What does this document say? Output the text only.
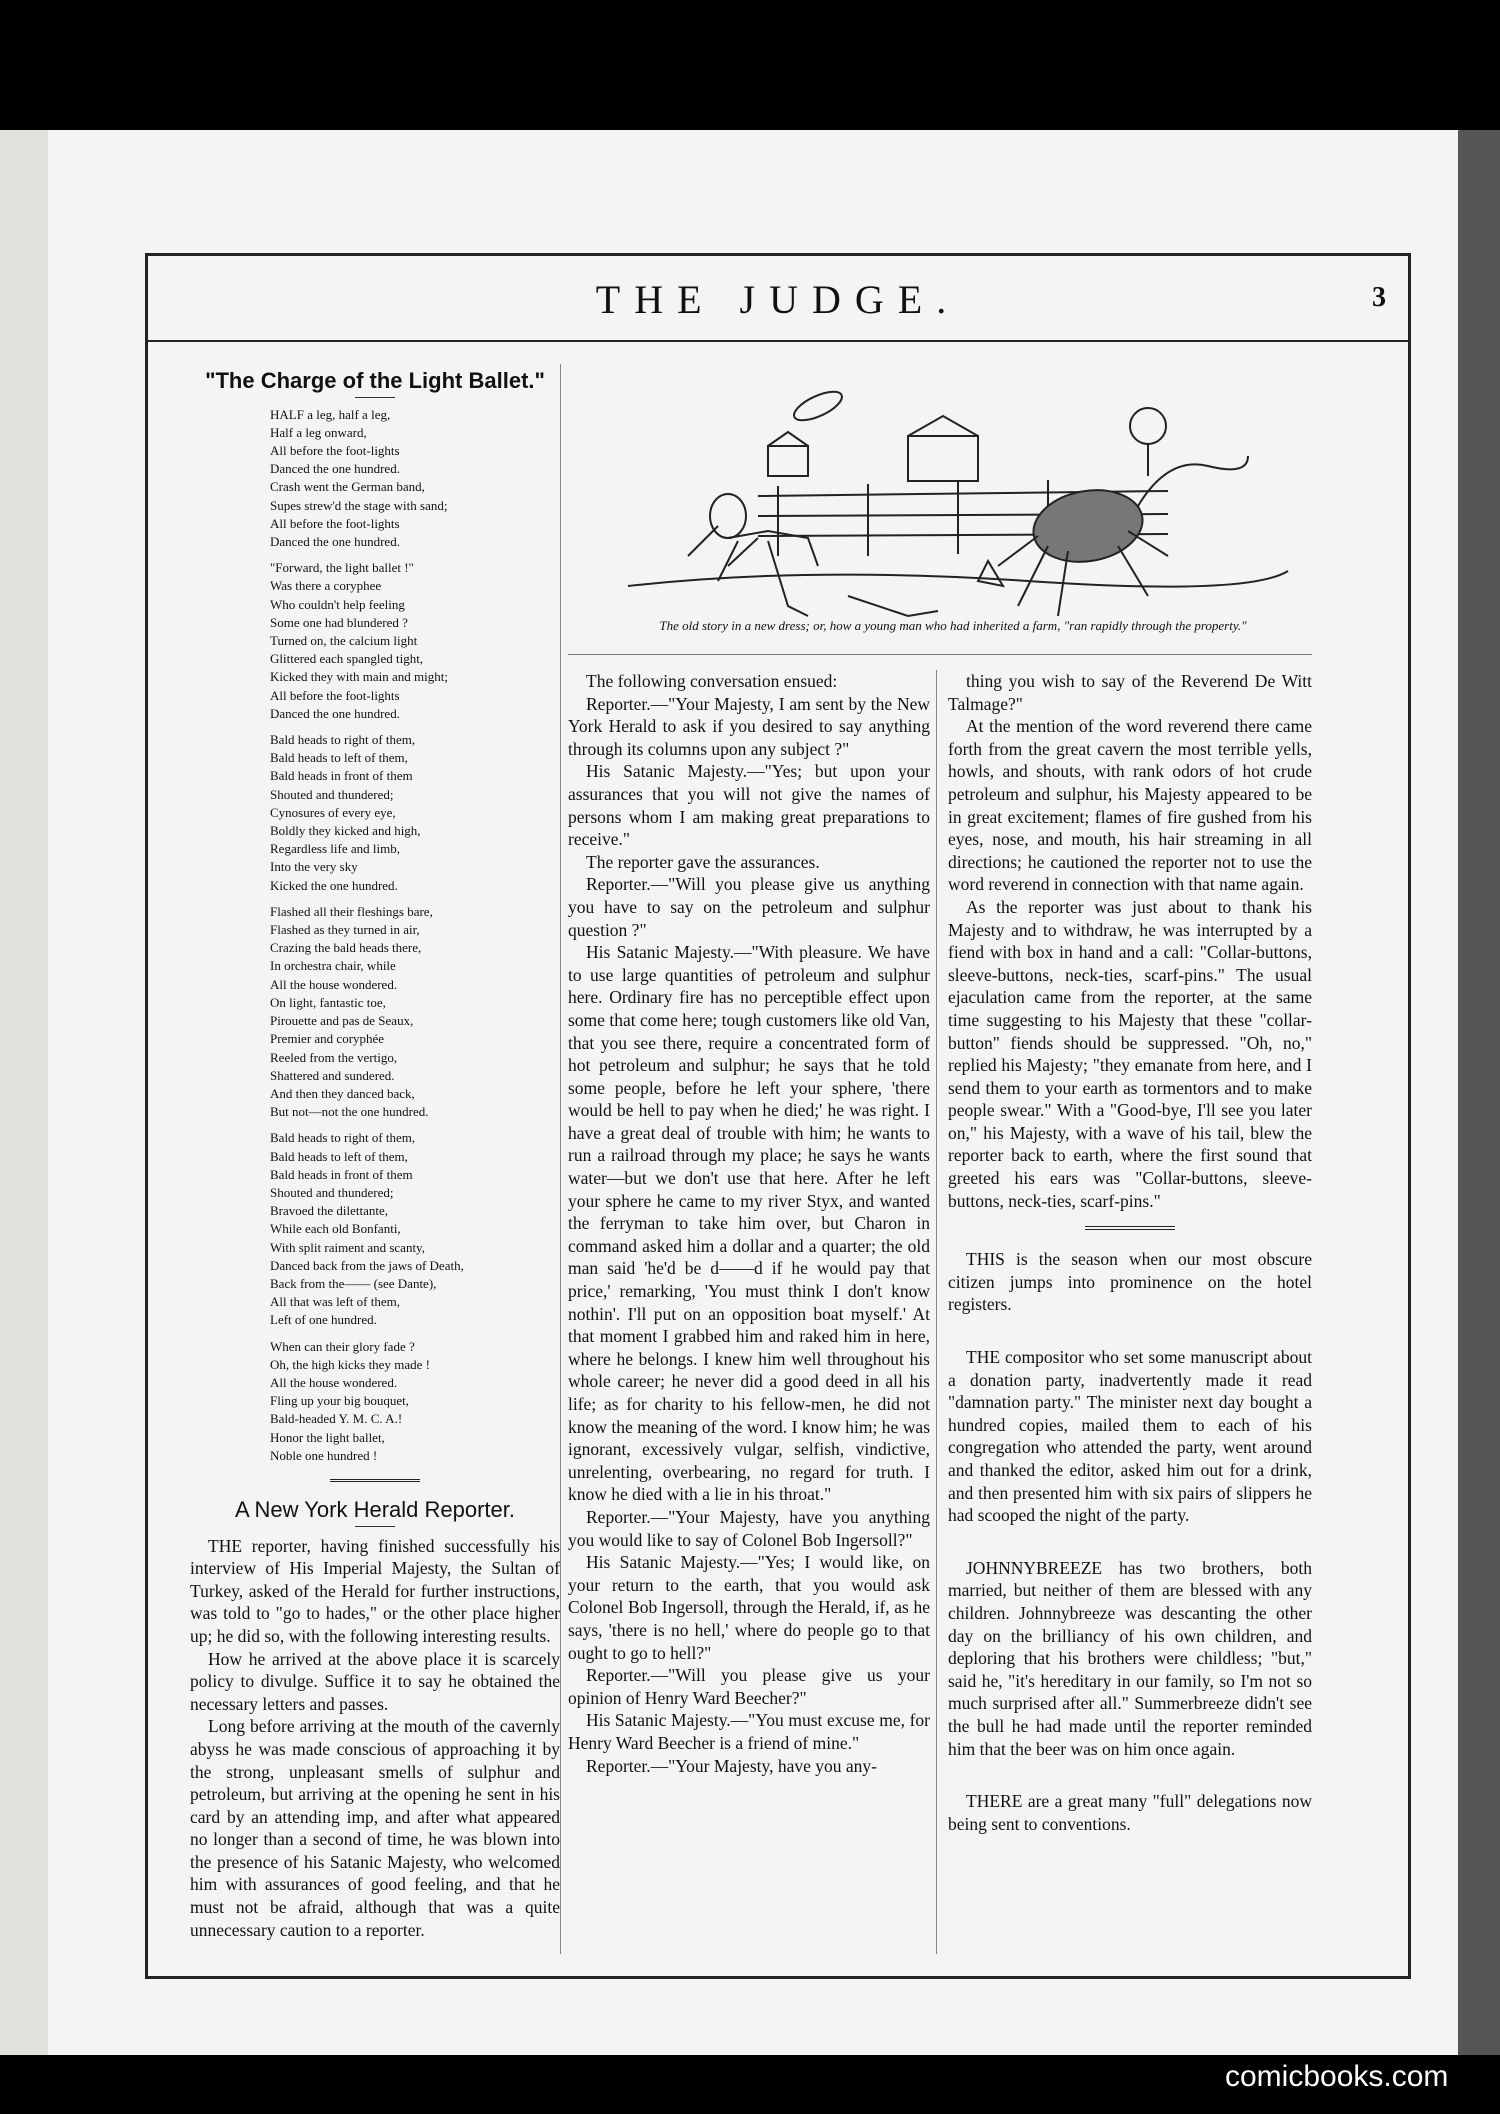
THE JUDGE.	3
"The Charge of the Light Ballet."
HALF a leg, half a leg,
Half a leg onward,
All before the foot-lights
Danced the one hundred.
Crash went the German band,
Supes strew'd the stage with sand;
All before the foot-lights
Danced the one hundred.
"Forward, the light ballet !"
Was there a coryphee
Who couldn't help feeling
Some one had blundered ?
Turned on, the calcium light
Glittered each spangled tight,
Kicked they with main and might;
All before the foot-lights
Danced the one hundred.
Bald heads to right of them,
Bald heads to left of them,
Bald heads in front of them
Shouted and thundered;
Cynosures of every eye,
Boldly they kicked and high,
Regardless life and limb,
Into the very sky
Kicked the one hundred.
Flashed all their fleshings bare,
Flashed as they turned in air,
Crazing the bald heads there,
In orchestra chair, while
All the house wondered.
On light, fantastic toe,
Pirouette and pas de Seaux,
Premier and coryphée
Reeled from the vertigo,
Shattered and sundered.
And then they danced back,
But not—not the one hundred.
Bald heads to right of them,
Bald heads to left of them,
Bald heads in front of them
Shouted and thundered;
Bravoed the dilettante,
While each old Bonfanti,
With split raiment and scanty,
Danced back from the jaws of Death,
Back from the—— (see Dante),
All that was left of them,
Left of one hundred.
When can their glory fade ?
Oh, the high kicks they made !
All the house wondered.
Fling up your big bouquet,
Bald-headed Y. M. C. A.!
Honor the light ballet,
Noble one hundred !
A New York Herald Reporter.

THE reporter, having finished successfully his interview of His Imperial Majesty, the Sultan of Turkey, asked of the Herald for further instructions, was told to "go to hades," or the other place higher up; he did so, with the following interesting results.

How he arrived at the above place it is scarcely policy to divulge. Suffice it to say he obtained the necessary letters and passes.

Long before arriving at the mouth of the cavernly abyss he was made conscious of approaching it by the strong, unpleasant smells of sulphur and petroleum, but arriving at the opening he sent in his card by an attending imp, and after what appeared no longer than a second of time, he was blown into the presence of his Satanic Majesty, who welcomed him with assurances of good feeling, and that he must not be afraid, although that was a quite unnecessary caution to a reporter.

The old story in a new dress; or, how a young man who had inherited a farm, "ran rapidly through the property."

The following conversation ensued:

Reporter.—"Your Majesty, I am sent by the New York Herald to ask if you desired to say anything through its columns upon any subject ?"

His Satanic Majesty.—"Yes; but upon your assurances that you will not give the names of persons whom I am making great preparations to receive."

The reporter gave the assurances.

Reporter.—"Will you please give us anything you have to say on the petroleum and sulphur question ?"

His Satanic Majesty.—"With pleasure. We have to use large quantities of petroleum and sulphur here. Ordinary fire has no perceptible effect upon some that come here; tough customers like old Van, that you see there, require a concentrated form of hot petroleum and sulphur; he says that he told some people, before he left your sphere, 'there would be hell to pay when he died;' he was right. I have a great deal of trouble with him; he wants to run a railroad through my place; he says he wants water—but we don't use that here. After he left your sphere he came to my river Styx, and wanted the ferryman to take him over, but Charon in command asked him a dollar and a quarter; the old man said 'he'd be d——d if he would pay that price,' remarking, 'You must think I don't know nothin'. I'll put on an opposition boat myself.' At that moment I grabbed him and raked him in here, where he belongs. I knew him well throughout his whole career; he never did a good deed in all his life; as for charity to his fellow-men, he did not know the meaning of the word. I know him; he was ignorant, excessively vulgar, selfish, vindictive, unrelenting, overbearing, no regard for truth. I know he died with a lie in his throat."

Reporter.—"Your Majesty, have you anything you would like to say of Colonel Bob Ingersoll?"

His Satanic Majesty.—"Yes; I would like, on your return to the earth, that you would ask Colonel Bob Ingersoll, through the Herald, if, as he says, 'there is no hell,' where do people go to that ought to go to hell?"

Reporter.—"Will you please give us your opinion of Henry Ward Beecher?"

His Satanic Majesty.—"You must excuse me, for Henry Ward Beecher is a friend of mine."

Reporter.—"Your Majesty, have you any-

thing you wish to say of the Reverend De Witt Talmage?"

At the mention of the word reverend there came forth from the great cavern the most terrible yells, howls, and shouts, with rank odors of hot crude petroleum and sulphur, his Majesty appeared to be in great excitement; flames of fire gushed from his eyes, nose, and mouth, his hair streaming in all directions; he cautioned the reporter not to use the word reverend in connection with that name again.

As the reporter was just about to thank his Majesty and to withdraw, he was interrupted by a fiend with box in hand and a call: "Collar-buttons, sleeve-buttons, neck-ties, scarf-pins." The usual ejaculation came from the reporter, at the same time suggesting to his Majesty that these "collar-button" fiends should be suppressed. "Oh, no," replied his Majesty; "they emanate from here, and I send them to your earth as tormentors and to make people swear." With a "Good-bye, I'll see you later on," his Majesty, with a wave of his tail, blew the reporter back to earth, where the first sound that greeted his ears was "Collar-buttons, sleeve-buttons, neck-ties, scarf-pins."

THIS is the season when our most obscure citizen jumps into prominence on the hotel registers.

THE compositor who set some manuscript about a donation party, inadvertently made it read "damnation party." The minister next day bought a hundred copies, mailed them to each of his congregation who attended the party, went around and thanked the editor, asked him out for a drink, and then presented him with six pairs of slippers he had scooped the night of the party.

JOHNNYBREEZE has two brothers, both married, but neither of them are blessed with any children. Johnnybreeze was descanting the other day on the brilliancy of his own children, and deploring that his brothers were childless; "but," said he, "it's hereditary in our family, so I'm not so much surprised after all." Summerbreeze didn't see the bull he had made until the reporter reminded him that the beer was on him once again.

THERE are a great many "full" delegations now being sent to conventions.

comicbooks.com
